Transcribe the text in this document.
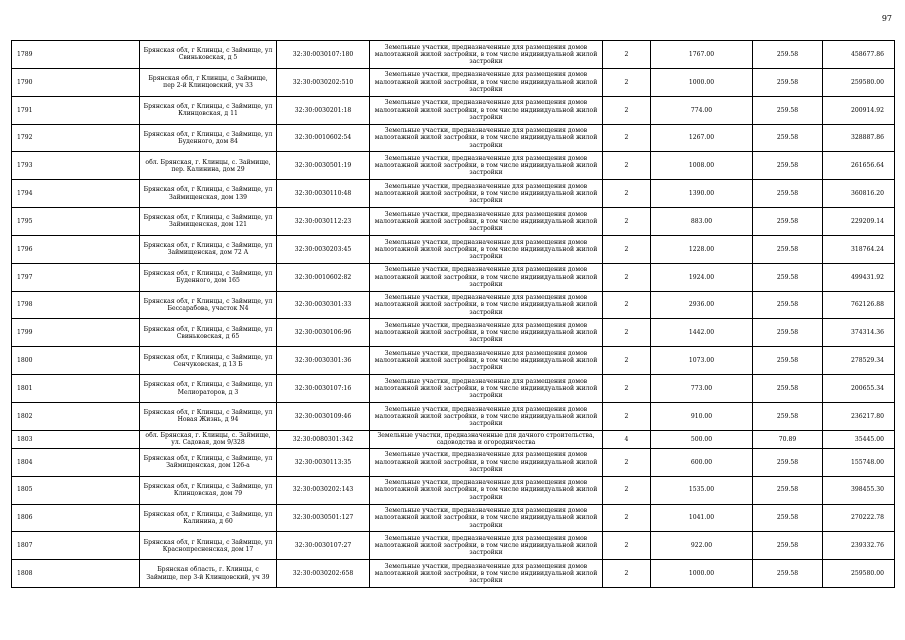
97
1789	Брянская обл, г Клинцы, с Займище, ул Свиньковская, д 5	32:30:0030107:180	Земельные участки, предназначенные для размещения домов малоэтажной жилой застройки, в том числе индивидуальной жилой застройки	2	1767.00	259.58	458677.86
1790	Брянская обл, г Клинцы, с Займище, пер 2-й Клинцовский, уч 33	32:30:0030202:510	Земельные участки, предназначенные для размещения домов малоэтажной жилой застройки, в том числе индивидуальной жилой застройки	2	1000.00	259.58	259580.00
1791	Брянская обл, г Клинцы, с Займище, ул Клинцовская, д 11	32:30:0030201:18	Земельные участки, предназначенные для размещения домов малоэтажной жилой застройки, в том числе индивидуальной жилой застройки	2	774.00	259.58	200914.92
1792	Брянская обл, г Клинцы, с Займище, ул Буденного, дом 84	32:30:0010602:54	Земельные участки, предназначенные для размещения домов малоэтажной жилой застройки, в том числе индивидуальной жилой застройки	2	1267.00	259.58	328887.86
1793	обл. Брянская, г. Клинцы, с. Займище, пер. Калинина, дом 29	32:30:0030501:19	Земельные участки, предназначенные для размещения домов малоэтажной жилой застройки, в том числе индивидуальной жилой застройки	2	1008.00	259.58	261656.64
1794	Брянская обл, г Клинцы, с Займище, ул Займищенская, дом 139	32:30:0030110:48	Земельные участки, предназначенные для размещения домов малоэтажной жилой застройки, в том числе индивидуальной жилой застройки	2	1390.00	259.58	360816.20
1795	Брянская обл, г Клинцы, с Займище, ул Займищенская, дом 121	32:30:0030112:23	Земельные участки, предназначенные для размещения домов малоэтажной жилой застройки, в том числе индивидуальной жилой застройки	2	883.00	259.58	229209.14
1796	Брянская обл, г Клинцы, с Займище, ул Займищенская, дом 72 А	32:30:0030203:45	Земельные участки, предназначенные для размещения домов малоэтажной жилой застройки, в том числе индивидуальной жилой застройки	2	1228.00	259.58	318764.24
1797	Брянская обл, г Клинцы, с Займище, ул Буденного, дом 165	32:30:0010602:82	Земельные участки, предназначенные для размещения домов малоэтажной жилой застройки, в том числе индивидуальной жилой застройки	2	1924.00	259.58	499431.92
1798	Брянская обл, г Клинцы, с Займище, ул Бессарабова, участок N4	32:30:0030301:33	Земельные участки, предназначенные для размещения домов малоэтажной жилой застройки, в том числе индивидуальной жилой застройки	2	2936.00	259.58	762126.88
1799	Брянская обл, г Клинцы, с Займище, ул Свиньковская, д 65	32:30:0030106:96	Земельные участки, предназначенные для размещения домов малоэтажной жилой застройки, в том числе индивидуальной жилой застройки	2	1442.00	259.58	374314.36
1800	Брянская обл, г Клинцы, с Займище, ул Сенчуковская, д 13 Б	32:30:0030301:36	Земельные участки, предназначенные для размещения домов малоэтажной жилой застройки, в том числе индивидуальной жилой застройки	2	1073.00	259.58	278529.34
1801	Брянская обл, г Клинцы, с Займище, ул Мелиораторов, д 3	32:30:0030107:16	Земельные участки, предназначенные для размещения домов малоэтажной жилой застройки, в том числе индивидуальной жилой застройки	2	773.00	259.58	200655.34
1802	Брянская обл, г Клинцы, с Займище, ул Новая Жизнь, д 94	32:30:0030109:46	Земельные участки, предназначенные для размещения домов малоэтажной жилой застройки, в том числе индивидуальной жилой застройки	2	910.00	259.58	236217.80
1803	обл. Брянская, г. Клинцы, с. Займище, ул. Садовая, дом 9/328	32:30:0080301:342	Земельные участки, предназначенные для дачного строительства, садоводства и огородничества	4	500.00	70.89	35445.00
1804	Брянская обл, г Клинцы, с Займище, ул Займищенская, дом 126-а	32:30:0030113:35	Земельные участки, предназначенные для размещения домов малоэтажной жилой застройки, в том числе индивидуальной жилой застройки	2	600.00	259.58	155748.00
1805	Брянская обл, г Клинцы, с Займище, ул Клинцовская, дом 79	32:30:0030202:143	Земельные участки, предназначенные для размещения домов малоэтажной жилой застройки, в том числе индивидуальной жилой застройки	2	1535.00	259.58	398455.30
1806	Брянская обл, г Клинцы, с Займище, ул Калинина, д 60	32:30:0030501:127	Земельные участки, предназначенные для размещения домов малоэтажной жилой застройки, в том числе индивидуальной жилой застройки	2	1041.00	259.58	270222.78
1807	Брянская обл, г Клинцы, с Займище, ул Краснопресненская, дом 17	32:30:0030107:27	Земельные участки, предназначенные для размещения домов малоэтажной жилой застройки, в том числе индивидуальной жилой застройки	2	922.00	259.58	239332.76
1808	Брянская область, г. Клинцы, с Займище, пер 3-й Клинцовский, уч 39	32:30:0030202:658	Земельные участки, предназначенные для размещения домов малоэтажной жилой застройки, в том числе индивидуальной жилой застройки	2	1000.00	259.58	259580.00
